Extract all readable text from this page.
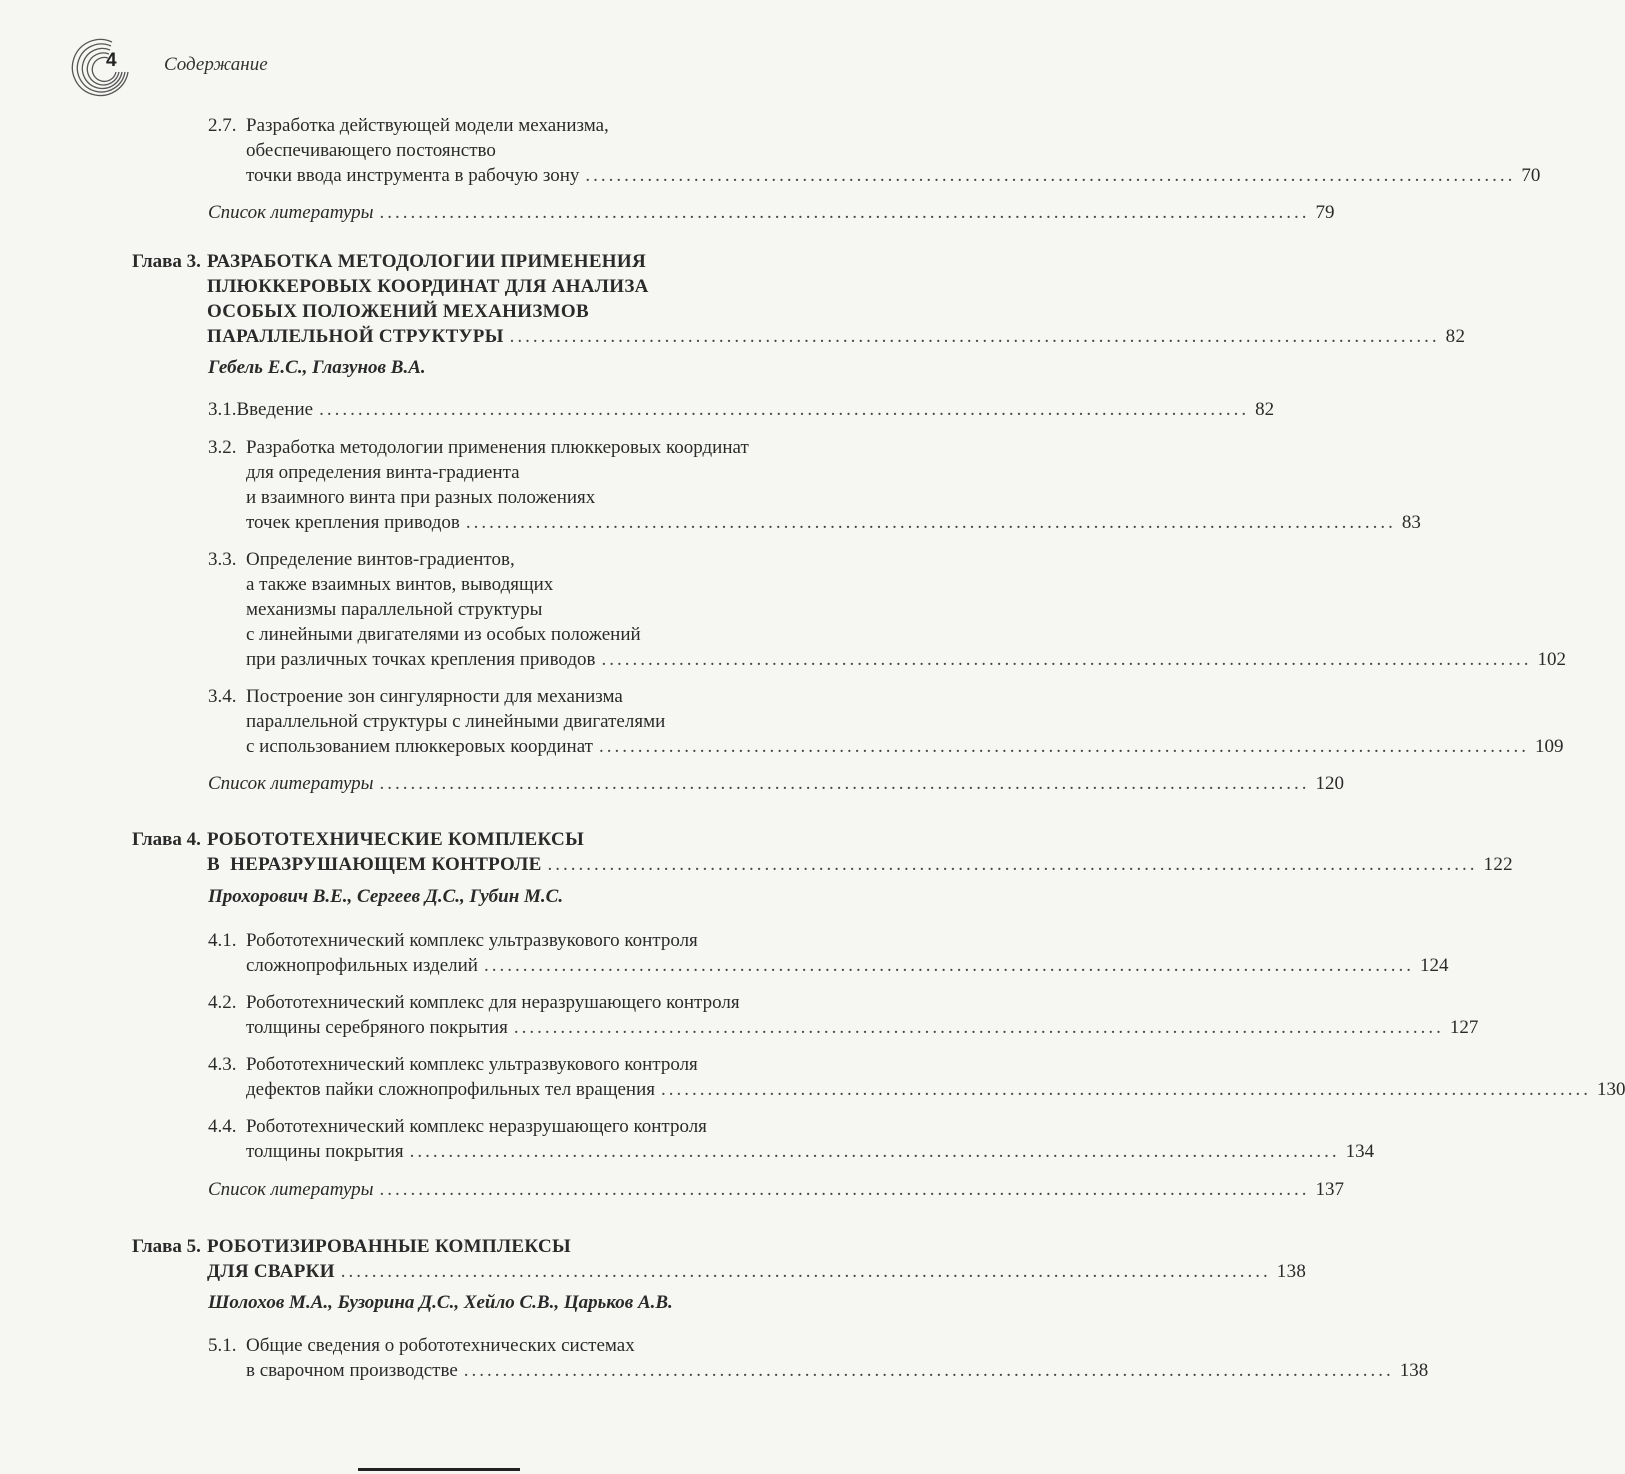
4 Содержание
2.7. Разработка действующей модели механизма,
обеспечивающего постоянство
точки ввода инструмента в рабочую зону ........................................................................................................................ 70
Список литературы ........................................................................................................................ 79
Глава 3. РАЗРАБОТКА МЕТОДОЛОГИИ ПРИМЕНЕНИЯ
ПЛЮККЕРОВЫХ КООРДИНАТ ДЛЯ АНАЛИЗА
ОСОБЫХ ПОЛОЖЕНИЙ МЕХАНИЗМОВ
ПАРАЛЛЕЛЬНОЙ СТРУКТУРЫ ........................................................................................................................ 82
Гебель Е.С., Глазунов В.А.
3.1. Введение ........................................................................................................................ 82
3.2. Разработка методологии применения плюккеровых координат
для определения винта-градиента
и взаимного винта при разных положениях
точек крепления приводов ........................................................................................................................ 83
3.3. Определение винтов-градиентов,
а также взаимных винтов, выводящих
механизмы параллельной структуры
с линейными двигателями из особых положений
при различных точках крепления приводов ........................................................................................................................ 102
3.4. Построение зон сингулярности для механизма
параллельной структуры с линейными двигателями
с использованием плюккеровых координат ........................................................................................................................ 109
Список литературы ........................................................................................................................ 120
Глава 4. РОБОТОТЕХНИЧЕСКИЕ КОМПЛЕКСЫ
В  НЕРАЗРУШАЮЩЕМ КОНТРОЛЕ ........................................................................................................................ 122
Прохорович В.Е., Сергеев Д.С., Губин М.С.
4.1. Робототехнический комплекс ультразвукового контроля
сложнопрофильных изделий ........................................................................................................................ 124
4.2. Робототехнический комплекс для неразрушающего контроля
толщины серебряного покрытия ........................................................................................................................ 127
4.3. Робототехнический комплекс ультразвукового контроля
дефектов пайки сложнопрофильных тел вращения ........................................................................................................................ 130
4.4. Робототехнический комплекс неразрушающего контроля
толщины покрытия ........................................................................................................................ 134
Список литературы ........................................................................................................................ 137
Глава 5. РОБОТИЗИРОВАННЫЕ КОМПЛЕКСЫ
ДЛЯ СВАРКИ ........................................................................................................................ 138
Шолохов М.А., Бузорина Д.С., Хейло С.В., Царьков А.В.
5.1. Общие сведения о робототехнических системах
в сварочном производстве ........................................................................................................................ 138
